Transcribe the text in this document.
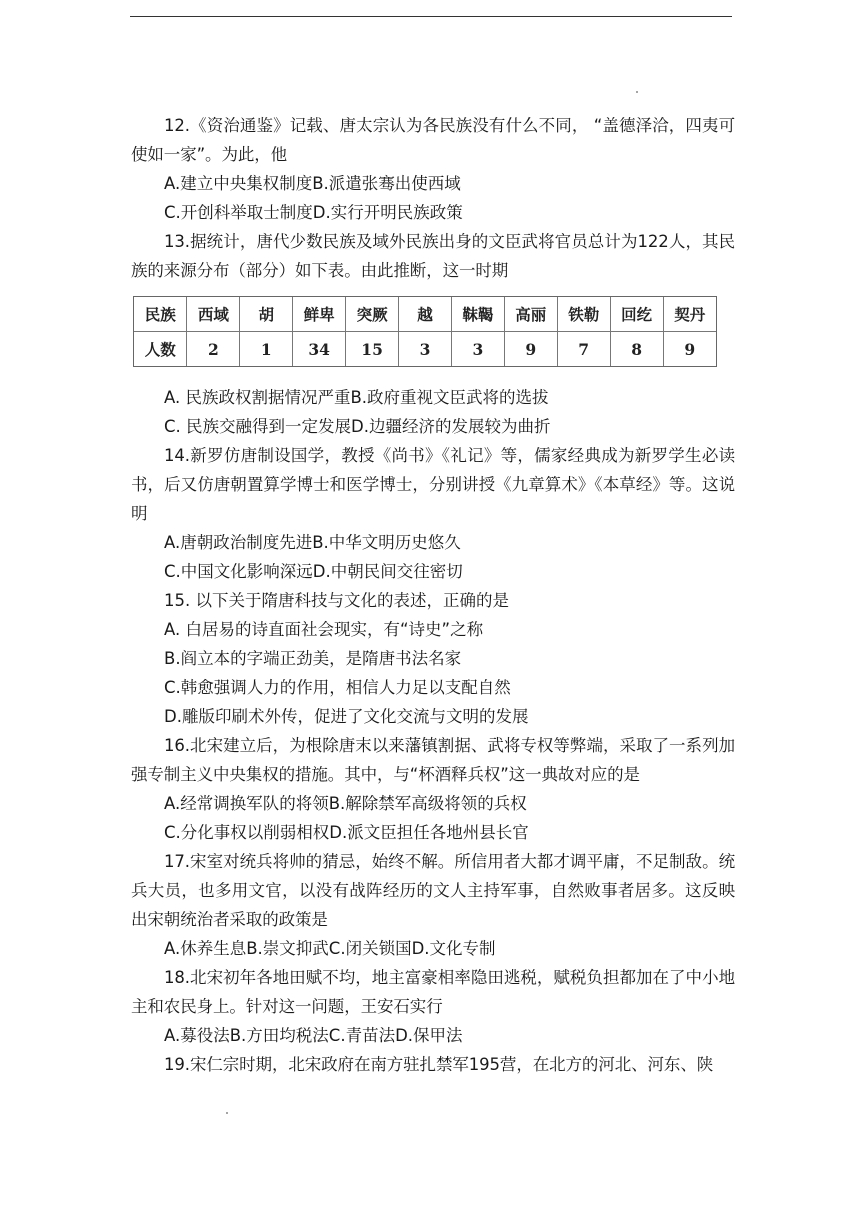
12.《资治通鉴》记载、唐太宗认为各民族没有什么不同， “盖德泽洽，四夷可使如一家”。为此，他

A.建立中央集权制度B.派遣张骞出使西域

C.开创科举取士制度D.实行开明民族政策

13.据统计，唐代少数民族及域外民族出身的文臣武将官员总计为122人，其民族的来源分布（部分）如下表。由此推断，这一时期

民族	西域	胡	鲜卑	突厥	越	靺鞨	高丽	铁勒	回纥	契丹
人数	2	1	34	15	3	3	9	7	8	9

A. 民族政权割据情况严重B.政府重视文臣武将的选拔

C. 民族交融得到一定发展D.边疆经济的发展较为曲折

14.新罗仿唐制设国学，教授《尚书》《礼记》等，儒家经典成为新罗学生必读书，后又仿唐朝置算学博士和医学博士，分别讲授《九章算术》《本草经》等。这说明

A.唐朝政治制度先进B.中华文明历史悠久

C.中国文化影响深远D.中朝民间交往密切

15. 以下关于隋唐科技与文化的表述，正确的是

A. 白居易的诗直面社会现实，有“诗史”之称

B.阎立本的字端正劲美，是隋唐书法名家

C.韩愈强调人力的作用，相信人力足以支配自然

D.雕版印刷术外传，促进了文化交流与文明的发展

16.北宋建立后，为根除唐末以来藩镇割据、武将专权等弊端，采取了一系列加强专制主义中央集权的措施。其中，与“杯酒释兵权”这一典故对应的是

A.经常调换军队的将领B.解除禁军高级将领的兵权

C.分化事权以削弱相权D.派文臣担任各地州县长官

17.宋室对统兵将帅的猜忌，始终不解。所信用者大都才调平庸，不足制敌。统兵大员，也多用文官，以没有战阵经历的文人主持军事，自然败事者居多。这反映出宋朝统治者采取的政策是

A.休养生息B.崇文抑武C.闭关锁国D.文化专制

18.北宋初年各地田赋不均，地主富豪相率隐田逃税，赋税负担都加在了中小地主和农民身上。针对这一问题，王安石实行

A.募役法B.方田均税法C.青苗法D.保甲法

19.宋仁宗时期，北宋政府在南方驻扎禁军195营，在北方的河北、河东、陕
